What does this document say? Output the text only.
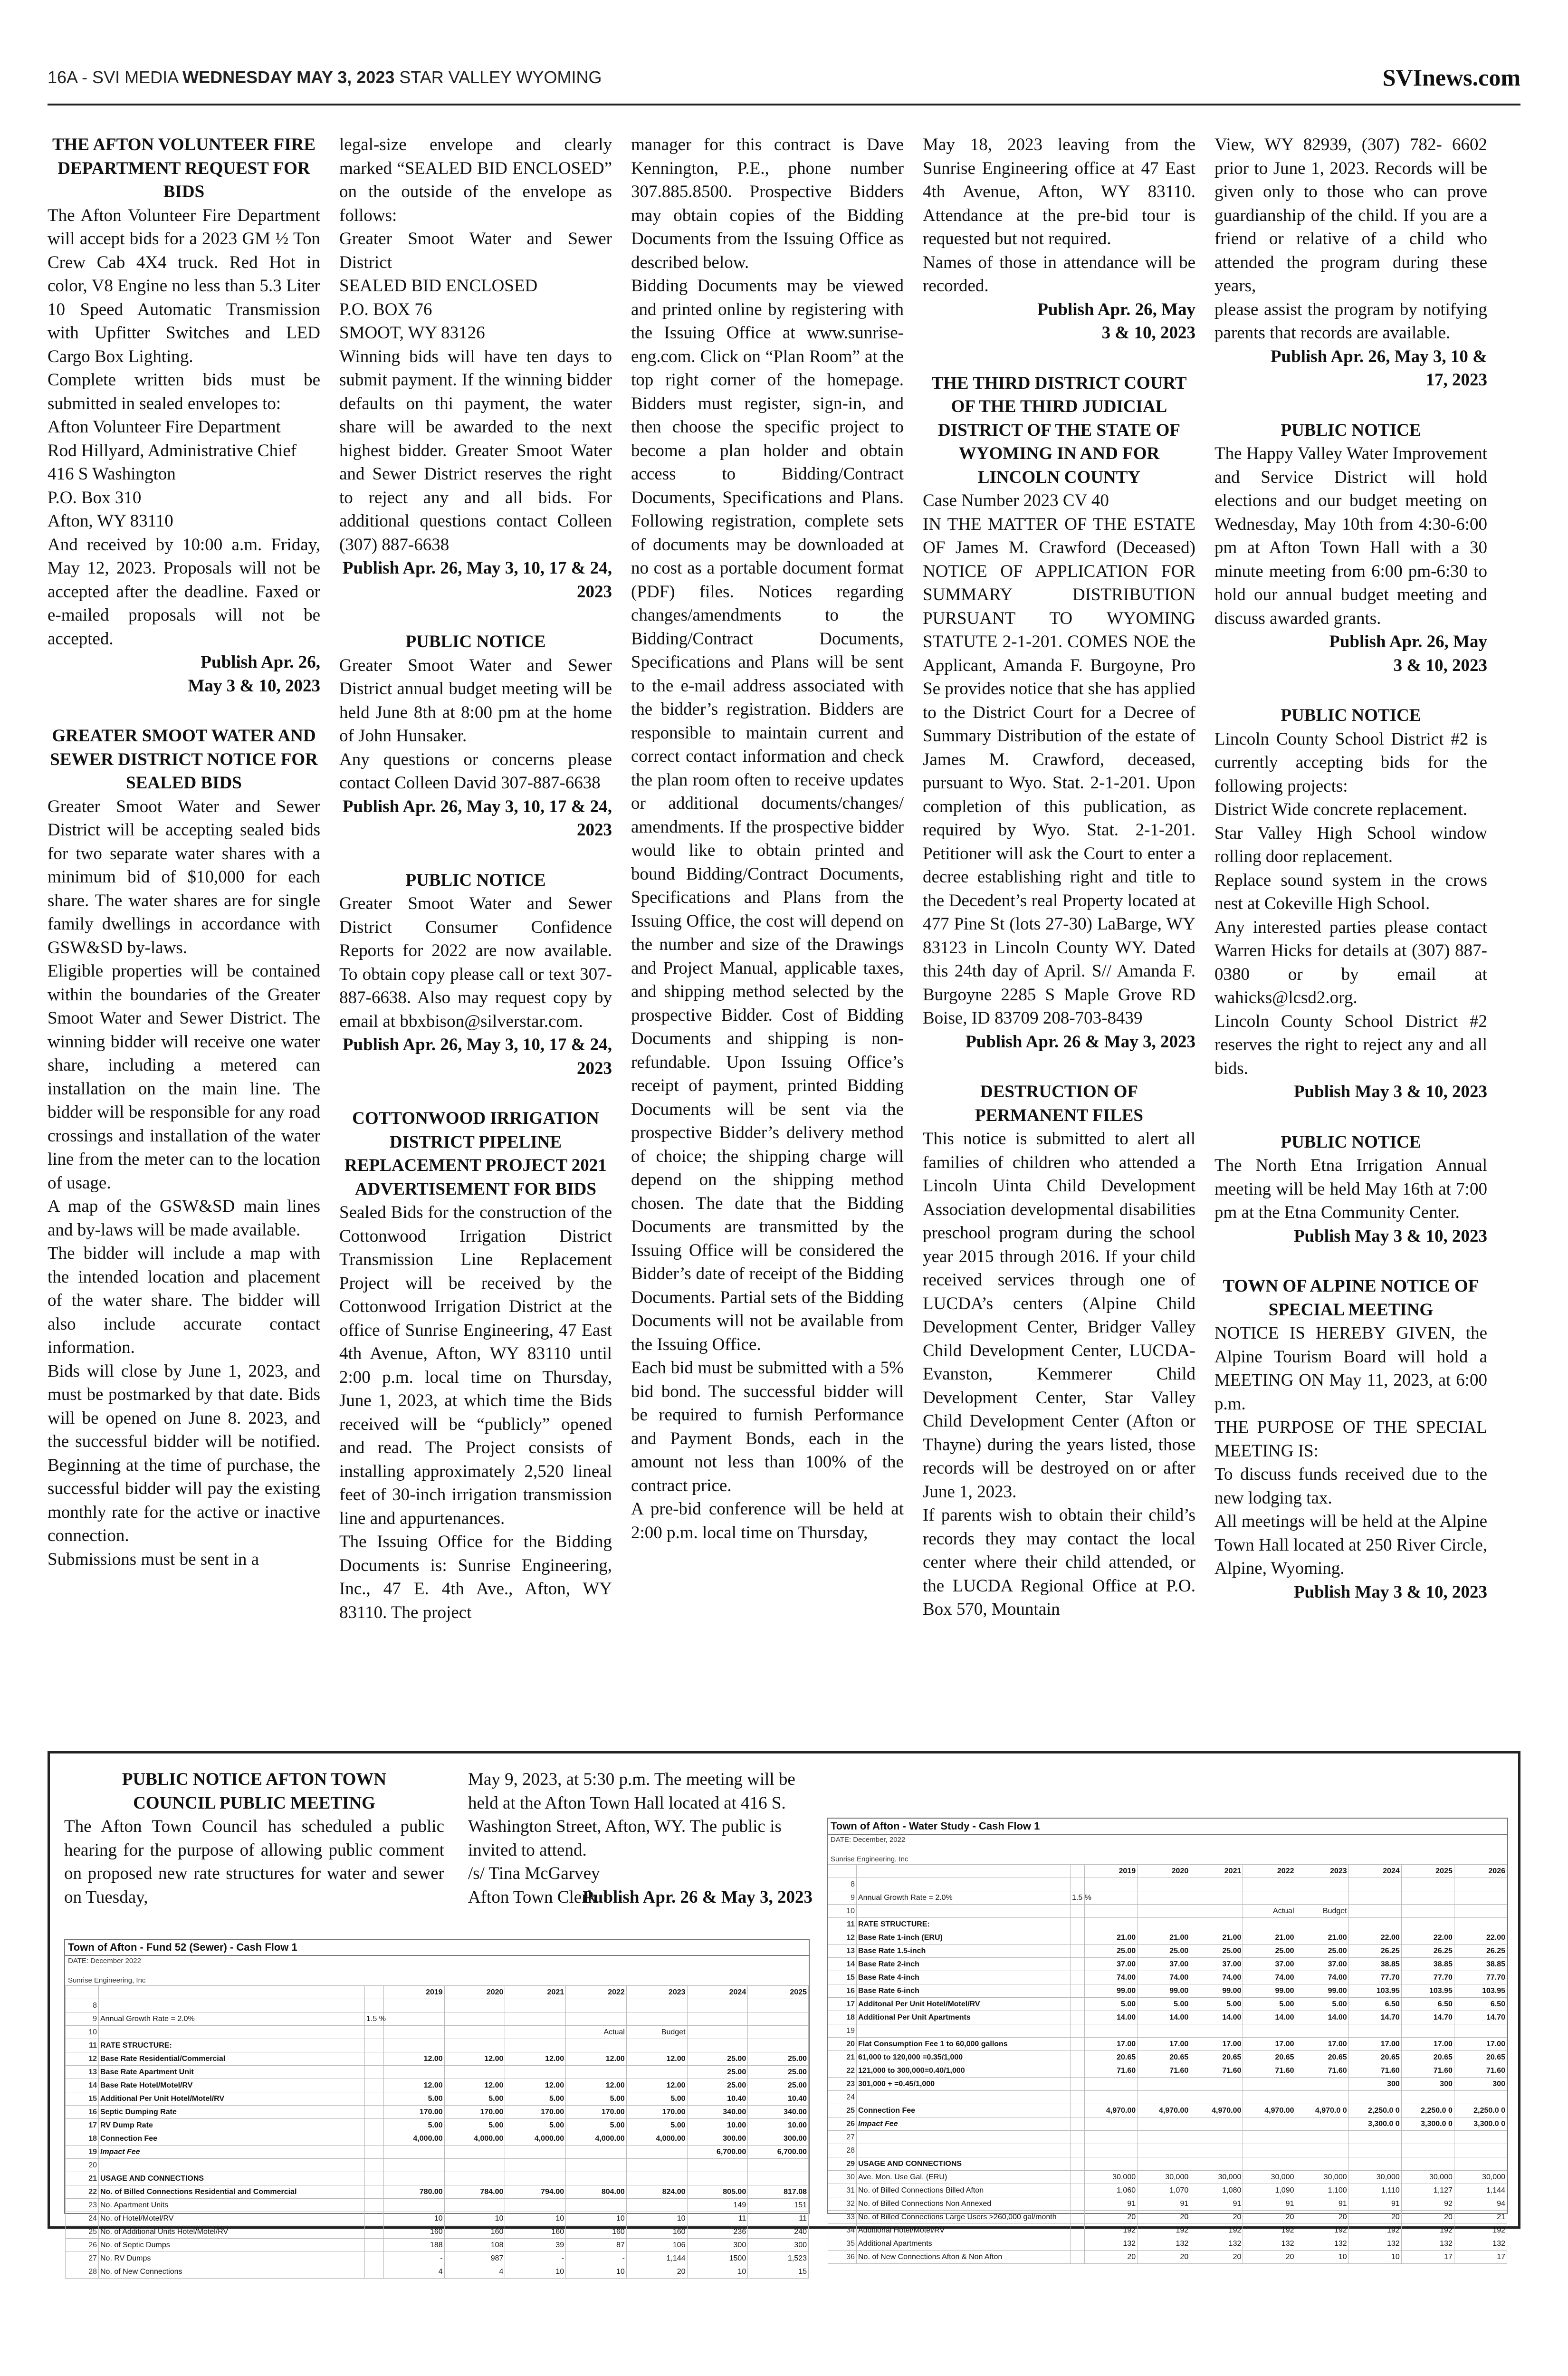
16A - SVI MEDIA WEDNESDAY MAY 3, 2023 STAR VALLEY WYOMING	SVInews.com

THE AFTON VOLUNTEER FIRE DEPARTMENT REQUEST FOR BIDS

The Afton Volunteer Fire Department will accept bids for a 2023 GM ½ Ton Crew Cab 4X4 truck. Red Hot in color, V8 Engine no less than 5.3 Liter 10 Speed Automatic Transmission with Upfitter Switches and LED Cargo Box Lighting.

Complete written bids must be submitted in sealed envelopes to:

Afton Volunteer Fire Department

Rod Hillyard, Administrative Chief

416 S Washington

P.O. Box 310

Afton, WY 83110

And received by 10:00 a.m. Friday, May 12, 2023. Proposals will not be accepted after the deadline. Faxed or e-mailed proposals will not be accepted.

Publish Apr. 26, May 3 & 10, 2023

GREATER SMOOT WATER AND SEWER DISTRICT NOTICE FOR SEALED BIDS

Greater Smoot Water and Sewer District will be accepting sealed bids for two separate water shares with a minimum bid of $10,000 for each share. The water shares are for single family dwellings in accordance with GSW&SD by-laws.

Eligible properties will be contained within the boundaries of the Greater Smoot Water and Sewer District. The winning bidder will receive one water share, including a metered can installation on the main line. The bidder will be responsible for any road crossings and installation of the water line from the meter can to the location of usage.

A map of the GSW&SD main lines and by-laws will be made available.

The bidder will include a map with the intended location and placement of the water share. The bidder will also include accurate contact information.

Bids will close by June 1, 2023, and must be postmarked by that date. Bids will be opened on June 8. 2023, and the successful bidder will be notified. Beginning at the time of purchase, the successful bidder will pay the existing monthly rate for the active or inactive connection.

Submissions must be sent in a

legal-size envelope and clearly marked “SEALED BID ENCLOSED” on the outside of the envelope as follows:

Greater Smoot Water and Sewer District

SEALED BID ENCLOSED

P.O. BOX 76

SMOOT, WY 83126

Winning bids will have ten days to submit payment. If the winning bidder defaults on thi payment, the water share will be awarded to the next highest bidder. Greater Smoot Water and Sewer District reserves the right to reject any and all bids. For additional questions contact Colleen (307) 887-6638

Publish Apr. 26, May 3, 10, 17 & 24, 2023

PUBLIC NOTICE

Greater Smoot Water and Sewer District annual budget meeting will be held June 8th at 8:00 pm at the home of John Hunsaker.

Any questions or concerns please contact Colleen David 307-887-6638

Publish Apr. 26, May 3, 10, 17 & 24, 2023

PUBLIC NOTICE

Greater Smoot Water and Sewer District Consumer Confidence Reports for 2022 are now available. To obtain copy please call or text 307-887-6638. Also may request copy by email at bbxbison@silverstar.com.

Publish Apr. 26, May 3, 10, 17 & 24, 2023

COTTONWOOD IRRIGATION DISTRICT PIPELINE REPLACEMENT PROJECT 2021 ADVERTISEMENT FOR BIDS

Sealed Bids for the construction of the Cottonwood Irrigation District Transmission Line Replacement Project will be received by the Cottonwood Irrigation District at the office of Sunrise Engineering, 47 East 4th Avenue, Afton, WY 83110 until 2:00 p.m. local time on Thursday, June 1, 2023, at which time the Bids received will be “publicly” opened and read. The Project consists of installing approximately 2,520 lineal feet of 30-inch irrigation transmission line and appurtenances.

The Issuing Office for the Bidding Documents is: Sunrise Engineering, Inc., 47 E. 4th Ave., Afton, WY 83110. The project

manager for this contract is Dave Kennington, P.E., phone number 307.885.8500. Prospective Bidders may obtain copies of the Bidding Documents from the Issuing Office as described below.

Bidding Documents may be viewed and printed online by registering with the Issuing Office at www.sunrise-eng.com. Click on “Plan Room” at the top right corner of the homepage. Bidders must register, sign-in, and then choose the specific project to become a plan holder and obtain access to Bidding/Contract Documents, Specifications and Plans. Following registration, complete sets of documents may be downloaded at no cost as a portable document format (PDF) files. Notices regarding changes/amendments to the Bidding/Contract Documents, Specifications and Plans will be sent to the e-mail address associated with the bidder’s registration. Bidders are responsible to maintain current and correct contact information and check the plan room often to receive updates or additional documents/changes/ amendments. If the prospective bidder would like to obtain printed and bound Bidding/Contract Documents, Specifications and Plans from the Issuing Office, the cost will depend on the number and size of the Drawings and Project Manual, applicable taxes, and shipping method selected by the prospective Bidder. Cost of Bidding Documents and shipping is non-refundable. Upon Issuing Office’s receipt of payment, printed Bidding Documents will be sent via the prospective Bidder’s delivery method of choice; the shipping charge will depend on the shipping method chosen. The date that the Bidding Documents are transmitted by the Issuing Office will be considered the Bidder’s date of receipt of the Bidding Documents. Partial sets of the Bidding Documents will not be available from the Issuing Office.

Each bid must be submitted with a 5% bid bond. The successful bidder will be required to furnish Performance and Payment Bonds, each in the amount not less than 100% of the contract price.

A pre-bid conference will be held at 2:00 p.m. local time on Thursday,

May 18, 2023 leaving from the Sunrise Engineering office at 47 East 4th Avenue, Afton, WY 83110. Attendance at the pre-bid tour is requested but not required.

Names of those in attendance will be recorded.

Publish Apr. 26, May 3 & 10, 2023

THE THIRD DISTRICT COURT OF THE THIRD JUDICIAL DISTRICT OF THE STATE OF WYOMING IN AND FOR LINCOLN COUNTY

Case Number 2023 CV 40

IN THE MATTER OF THE ESTATE OF James M. Crawford (Deceased) NOTICE OF APPLICATION FOR SUMMARY DISTRIBUTION PURSUANT TO WYOMING STATUTE 2-1-201. COMES NOE the Applicant, Amanda F. Burgoyne, Pro Se provides notice that she has applied to the District Court for a Decree of Summary Distribution of the estate of James M. Crawford, deceased, pursuant to Wyo. Stat. 2-1-201. Upon completion of this publication, as required by Wyo. Stat. 2-1-201. Petitioner will ask the Court to enter a decree establishing right and title to the Decedent’s real Property located at 477 Pine St (lots 27-30) LaBarge, WY 83123 in Lincoln County WY. Dated this 24th day of April. S// Amanda F. Burgoyne 2285 S Maple Grove RD Boise, ID 83709 208-703-8439

Publish Apr. 26 & May 3, 2023

DESTRUCTION OF PERMANENT FILES

This notice is submitted to alert all families of children who attended a Lincoln Uinta Child Development Association developmental disabilities preschool program during the school year 2015 through 2016. If your child received services through one of LUCDA’s centers (Alpine Child Development Center, Bridger Valley Child Development Center, LUCDA-Evanston, Kemmerer Child Development Center, Star Valley Child Development Center (Afton or Thayne) during the years listed, those records will be destroyed on or after June 1, 2023.

If parents wish to obtain their child’s records they may contact the local center where their child attended, or the LUCDA Regional Office at P.O. Box 570, Mountain

View, WY 82939, (307) 782- 6602 prior to June 1, 2023. Records will be given only to those who can prove guardianship of the child. If you are a friend or relative of a child who attended the program during these years,

please assist the program by notifying parents that records are available.

Publish Apr. 26, May 3, 10 & 17, 2023

PUBLIC NOTICE

The Happy Valley Water Improvement and Service District will hold elections and our budget meeting on Wednesday, May 10th from 4:30-6:00 pm at Afton Town Hall with a 30 minute meeting from 6:00 pm-6:30 to hold our annual budget meeting and discuss awarded grants.

Publish Apr. 26, May 3 & 10, 2023

PUBLIC NOTICE

Lincoln County School District #2 is currently accepting bids for the following projects:

District Wide concrete replacement.

Star Valley High School window rolling door replacement.

Replace sound system in the crows nest at Cokeville High School.

Any interested parties please contact Warren Hicks for details at (307) 887-0380 or by email at wahicks@lcsd2.org.

Lincoln County School District #2 reserves the right to reject any and all bids.

Publish May 3 & 10, 2023

PUBLIC NOTICE

The North Etna Irrigation Annual meeting will be held May 16th at 7:00 pm at the Etna Community Center.

Publish May 3 & 10, 2023

TOWN OF ALPINE NOTICE OF SPECIAL MEETING

NOTICE IS HEREBY GIVEN, the Alpine Tourism Board will hold a MEETING ON May 11, 2023, at 6:00 p.m.

THE PURPOSE OF THE SPECIAL MEETING IS:

To discuss funds received due to the new lodging tax.

All meetings will be held at the Alpine Town Hall located at 250 River Circle, Alpine, Wyoming.

Publish May 3 & 10, 2023

PUBLIC NOTICE AFTON TOWN COUNCIL PUBLIC MEETING

The Afton Town Council has scheduled a public hearing for the purpose of allowing public comment on proposed new rate structures for water and sewer on Tuesday,

May 9, 2023, at 5:30 p.m. The meeting will be held at the Afton Town Hall located at 416 S. Washington Street, Afton, WY. The public is invited to attend.

/s/ Tina McGarvey

Afton Town Clerk

Publish Apr. 26 & May 3, 2023

Town of Afton - Fund 52 (Sewer) - Cash Flow 1
DATE: December 2022
Sunrise Engineering, Inc
			2019	2020	2021	2022	2023	2024	2025
8									
9	Annual Growth Rate = 2.0%	1.5 %							
10						Actual	Budget		
11	RATE STRUCTURE:								
12	Base Rate Residential/Commercial		12.00	12.00	12.00	12.00	12.00	25.00	25.00
13	Base Rate Apartment Unit							25.00	25.00
14	Base Rate Hotel/Motel/RV		12.00	12.00	12.00	12.00	12.00	25.00	25.00
15	Additional Per Unit Hotel/Motel/RV		5.00	5.00	5.00	5.00	5.00	10.40	10.40
16	Septic Dumping Rate		170.00	170.00	170.00	170.00	170.00	340.00	340.00
17	RV Dump Rate		5.00	5.00	5.00	5.00	5.00	10.00	10.00
18	Connection Fee		4,000.00	4,000.00	4,000.00	4,000.00	4,000.00	300.00	300.00
19	Impact Fee							6,700.00	6,700.00
20									
21	USAGE AND CONNECTIONS								
22	No. of Billed Connections Residential and Commercial		780.00	784.00	794.00	804.00	824.00	805.00	817.08
23	No. Apartment Units							149	151
24	No. of Hotel/Motel/RV		10	10	10	10	10	11	11
25	No. of Additional Units Hotel/Motel/RV		160	160	160	160	160	236	240
26	No. of Septic Dumps		188	108	39	87	106	300	300
27	No. RV Dumps		-	987	-	-	1,144	1500	1,523
28	No. of New Connections		4	4	10	10	20	10	15
Town of Afton - Water Study - Cash Flow 1
DATE: December, 2022
Sunrise Engineering, Inc
			2019	2020	2021	2022	2023	2024	2025	2026
8										
9	Annual Growth Rate = 2.0%	1.5 %								
10						Actual	Budget			
11	RATE STRUCTURE:									
12	Base Rate 1-inch (ERU)		21.00	21.00	21.00	21.00	21.00	22.00	22.00	22.00
13	Base Rate 1.5-inch		25.00	25.00	25.00	25.00	25.00	26.25	26.25	26.25
14	Base Rate 2-inch		37.00	37.00	37.00	37.00	37.00	38.85	38.85	38.85
15	Base Rate 4-inch		74.00	74.00	74.00	74.00	74.00	77.70	77.70	77.70
16	Base Rate 6-inch		99.00	99.00	99.00	99.00	99.00	103.95	103.95	103.95
17	Additonal Per Unit Hotel/Motel/RV		5.00	5.00	5.00	5.00	5.00	6.50	6.50	6.50
18	Additional Per Unit Apartments		14.00	14.00	14.00	14.00	14.00	14.70	14.70	14.70
19										
20	Flat Consumption Fee 1 to 60,000 gallons		17.00	17.00	17.00	17.00	17.00	17.00	17.00	17.00
21	61,000 to 120,000 =0.35/1,000		20.65	20.65	20.65	20.65	20.65	20.65	20.65	20.65
22	121,000 to 300,000=0.40/1,000		71.60	71.60	71.60	71.60	71.60	71.60	71.60	71.60
23	301,000 + =0.45/1,000							300	300	300
24										
25	Connection Fee		4,970.00	4,970.00	4,970.00	4,970.00	4,970.0 0	2,250.0 0	2,250.0 0	2,250.0 0
26	Impact Fee							3,300.0 0	3,300.0 0	3,300.0 0
27										
28										
29	USAGE AND CONNECTIONS									
30	Ave. Mon. Use Gal. (ERU)		30,000	30,000	30,000	30,000	30,000	30,000	30,000	30,000
31	No. of Billed Connections Billed Afton		1,060	1,070	1,080	1,090	1,100	1,110	1,127	1,144
32	No. of Billed Connections Non Annexed		91	91	91	91	91	91	92	94
33	No. of Billed Connections Large Users >260,000 gal/month		20	20	20	20	20	20	20	21
34	Additional Hotel/Motel/RV		192	192	192	192	192	192	192	192
35	Additional Apartments		132	132	132	132	132	132	132	132
36	No. of New Connections Afton & Non Afton		20	20	20	20	10	10	17	17
